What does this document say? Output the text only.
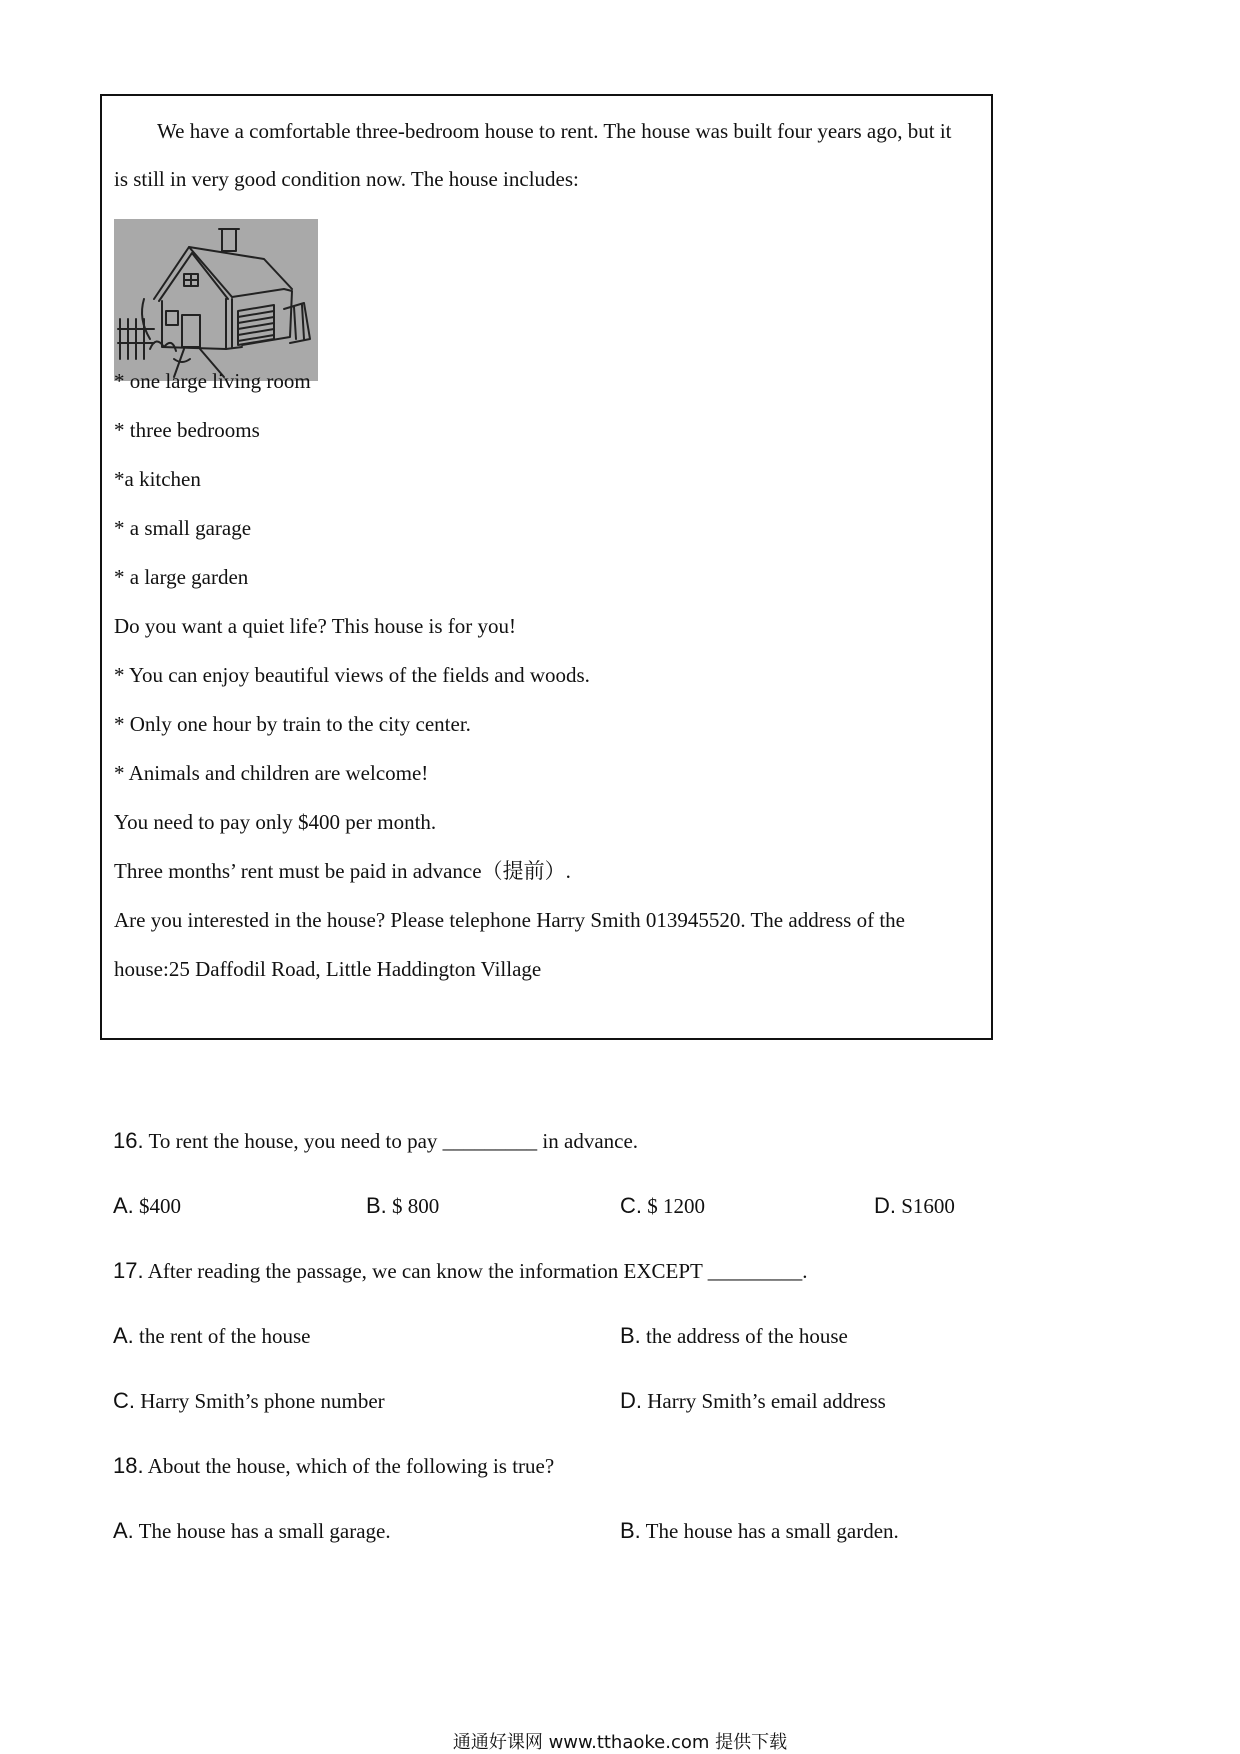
We have a comfortable three-bedroom house to rent. The house was built four years ago, but it
is still in very good condition now. The house includes:
* one large living room
* three bedrooms
*a kitchen
* a small garage
* a large garden
Do you want a quiet life? This house is for you!
* You can enjoy beautiful views of the fields and woods.
* Only one hour by train to the city center.
* Animals and children are welcome!
You need to pay only $400 per month.
Three months’ rent must be paid in advance（提前）.
Are you interested in the house? Please telephone Harry Smith 013945520. The address of the
house:25 Daffodil Road, Little Haddington Village
16. To rent the house, you need to pay _________ in advance.
A. $400	B. $ 800	C. $ 1200	D. S1600
17. After reading the passage, we can know the information EXCEPT _________.
A. the rent of the house	B. the address of the house
C. Harry Smith’s phone number	D. Harry Smith’s email address
18. About the house, which of the following is true?
A. The house has a small garage.	B. The house has a small garden.
通通好课网 www.tthaoke.com 提供下载
